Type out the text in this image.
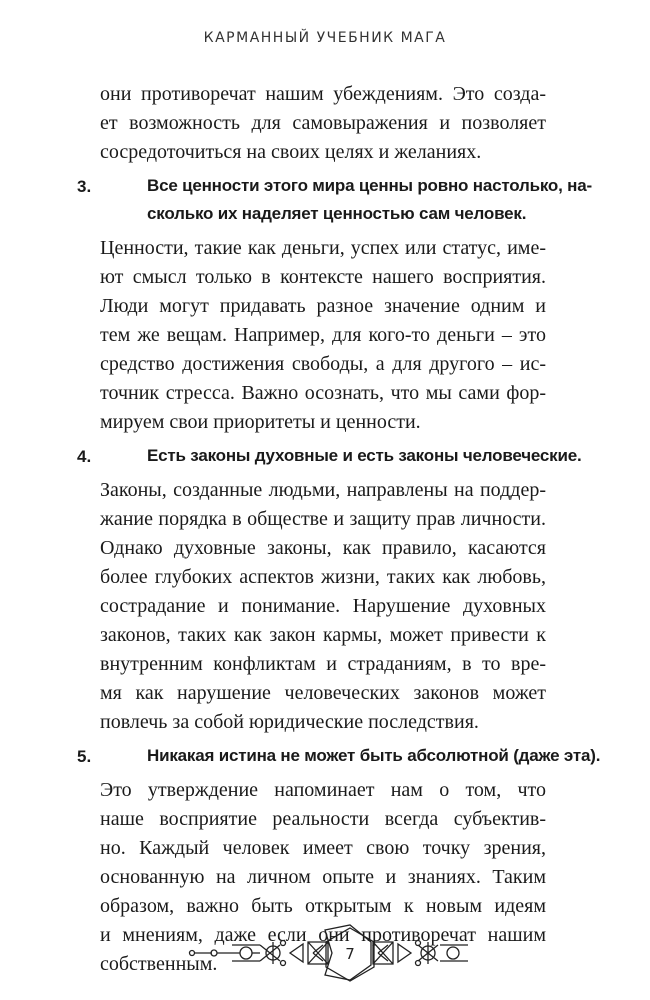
КАРМАННЫЙ УЧЕБНИК МАГА
они противоречат нашим убеждениям. Это созда-
ет возможность для самовыражения и позволяет
сосредоточиться на своих целях и желаниях.
3.	Все ценности этого мира ценны ровно настолько, на-
сколько их наделяет ценностью сам человек.
Ценности, такие как деньги, успех или статус, име-
ют смысл только в контексте нашего восприятия.
Люди могут придавать разное значение одним и
тем же вещам. Например, для кого-то деньги – это
средство достижения свободы, а для другого – ис-
точник стресса. Важно осознать, что мы сами фор-
мируем свои приоритеты и ценности.
4.	Есть законы духовные и есть законы человеческие.
Законы, созданные людьми, направлены на поддер-
жание порядка в обществе и защиту прав личности.
Однако духовные законы, как правило, касаются
более глубоких аспектов жизни, таких как любовь,
сострадание и понимание. Нарушение духовных
законов, таких как закон кармы, может привести к
внутренним конфликтам и страданиям, в то вре-
мя как нарушение человеческих законов может
повлечь за собой юридические последствия.
5.	Никакая истина не может быть абсолютной (даже эта).
Это утверждение напоминает нам о том, что
наше восприятие реальности всегда субъектив-
но. Каждый человек имеет свою точку зрения,
основанную на личном опыте и знаниях. Таким
образом, важно быть открытым к новым идеям
и мнениям, даже если они противоречат нашим
собственным.	7
